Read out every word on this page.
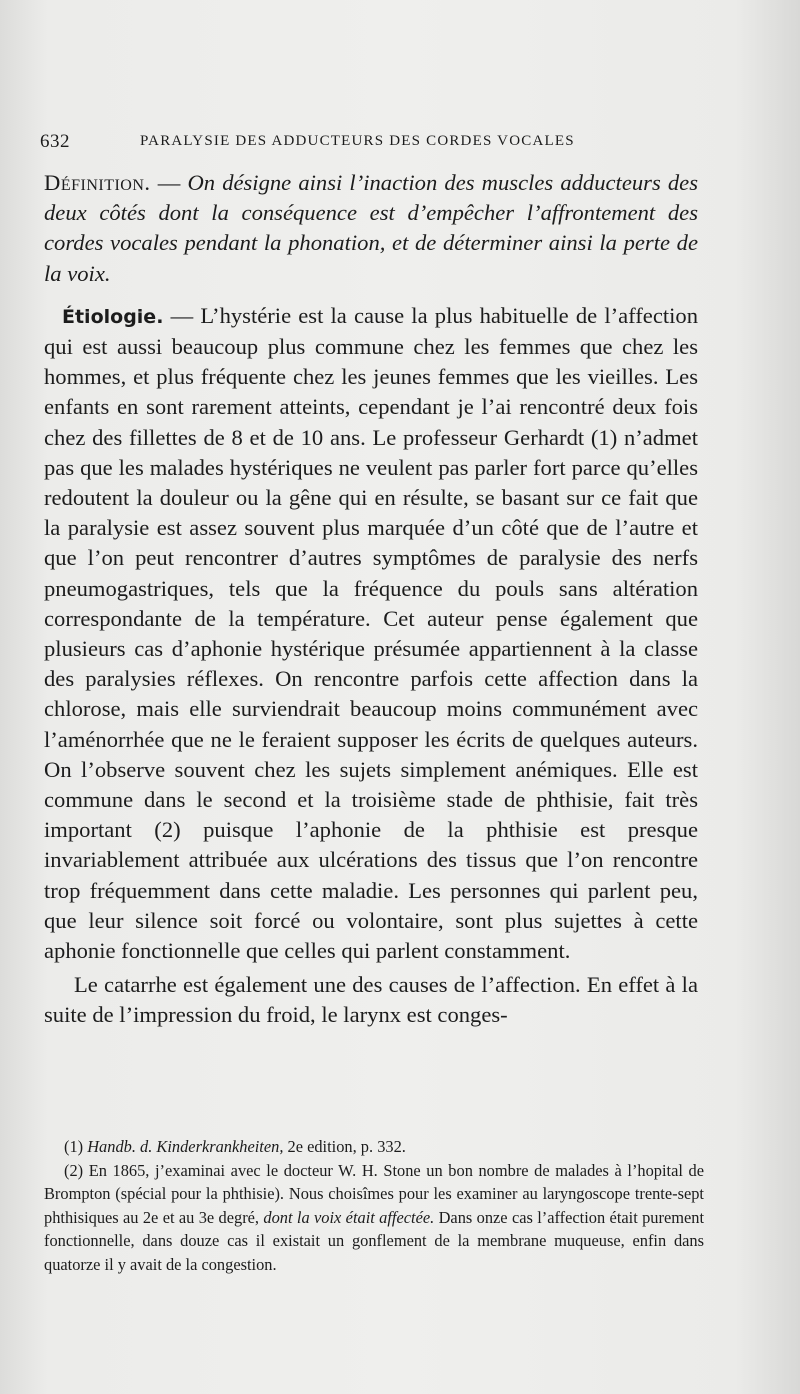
632	PARALYSIE DES ADDUCTEURS DES CORDES VOCALES

Définition. — On désigne ainsi l’inaction des muscles adducteurs des deux côtés dont la conséquence est d’empêcher l’affrontement des cordes vocales pendant la phonation, et de déterminer ainsi la perte de la voix.

Étiologie. — L’hystérie est la cause la plus habituelle de l’affection qui est aussi beaucoup plus commune chez les femmes que chez les hommes, et plus fréquente chez les jeunes femmes que les vieilles. Les enfants en sont rarement atteints, cependant je l’ai rencontré deux fois chez des fillettes de 8 et de 10 ans. Le professeur Gerhardt (1) n’admet pas que les malades hystériques ne veulent pas parler fort parce qu’elles redoutent la douleur ou la gêne qui en résulte, se basant sur ce fait que la paralysie est assez souvent plus marquée d’un côté que de l’autre et que l’on peut rencontrer d’autres symptômes de paralysie des nerfs pneumogastriques, tels que la fréquence du pouls sans altération correspondante de la température. Cet auteur pense également que plusieurs cas d’aphonie hystérique présumée appartiennent à la classe des paralysies réflexes. On rencontre parfois cette affection dans la chlorose, mais elle surviendrait beaucoup moins communément avec l’aménorrhée que ne le feraient supposer les écrits de quelques auteurs. On l’observe souvent chez les sujets simplement anémiques. Elle est commune dans le second et la troisième stade de phthisie, fait très important (2) puisque l’aphonie de la phthisie est presque invariablement attribuée aux ulcérations des tissus que l’on rencontre trop fréquemment dans cette maladie. Les personnes qui parlent peu, que leur silence soit forcé ou volontaire, sont plus sujettes à cette aphonie fonctionnelle que celles qui parlent constamment.

Le catarrhe est également une des causes de l’affection. En effet à la suite de l’impression du froid, le larynx est conges-

(1) Handb. d. Kinderkrankheiten, 2e edition, p. 332.

(2) En 1865, j’examinai avec le docteur W. H. Stone un bon nombre de malades à l’hopital de Brompton (spécial pour la phthisie). Nous choisîmes pour les examiner au laryngoscope trente-sept phthisiques au 2e et au 3e degré, dont la voix était affectée. Dans onze cas l’affection était purement fonctionnelle, dans douze cas il existait un gonflement de la membrane muqueuse, enfin dans quatorze il y avait de la congestion.
